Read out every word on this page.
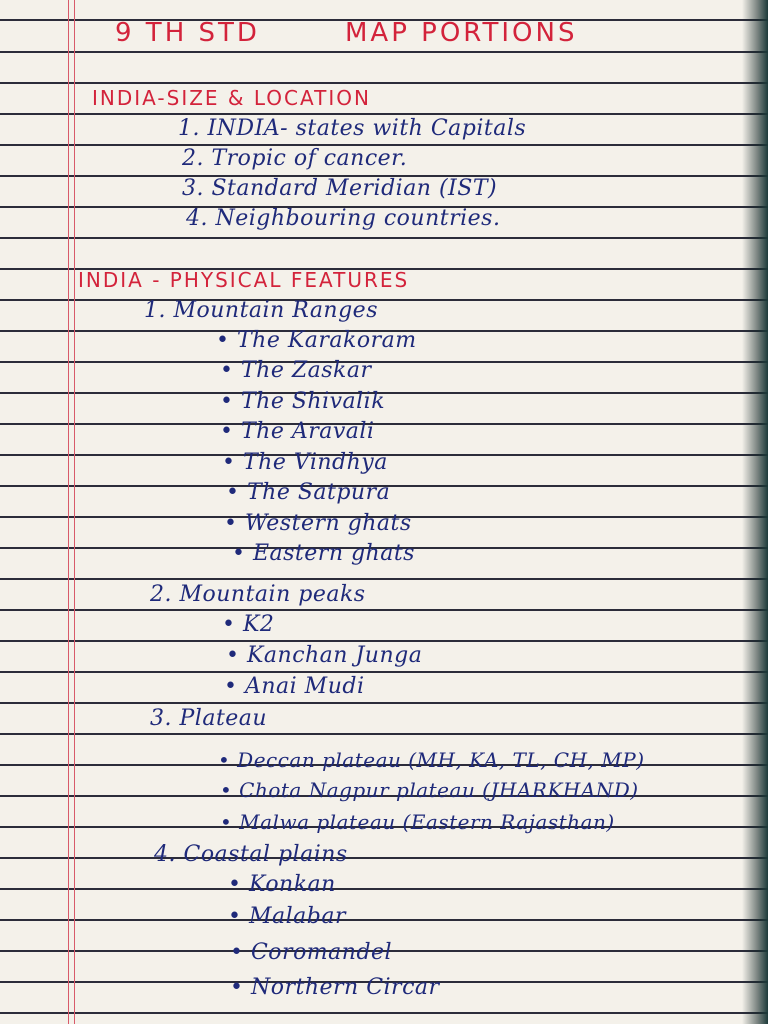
9 TH STD	MAP PORTIONS
INDIA-SIZE & LOCATION
1. INDIA- states with Capitals
2. Tropic of cancer.
3. Standard Meridian (IST)
4. Neighbouring countries.
INDIA - PHYSICAL FEATURES
1. Mountain Ranges
• The Karakoram
• The Zaskar
• The Shivalik
• The Aravali
• The Vindhya
• The Satpura
• Western ghats
• Eastern ghats
2. Mountain peaks
• K2
• Kanchan Junga
• Anai Mudi
3. Plateau
• Deccan plateau (MH, KA, TL, CH, MP)
• Chota Nagpur plateau (JHARKHAND)
• Malwa plateau (Eastern Rajasthan)
4. Coastal plains
• Konkan
• Malabar
• Coromandel
• Northern Circar
